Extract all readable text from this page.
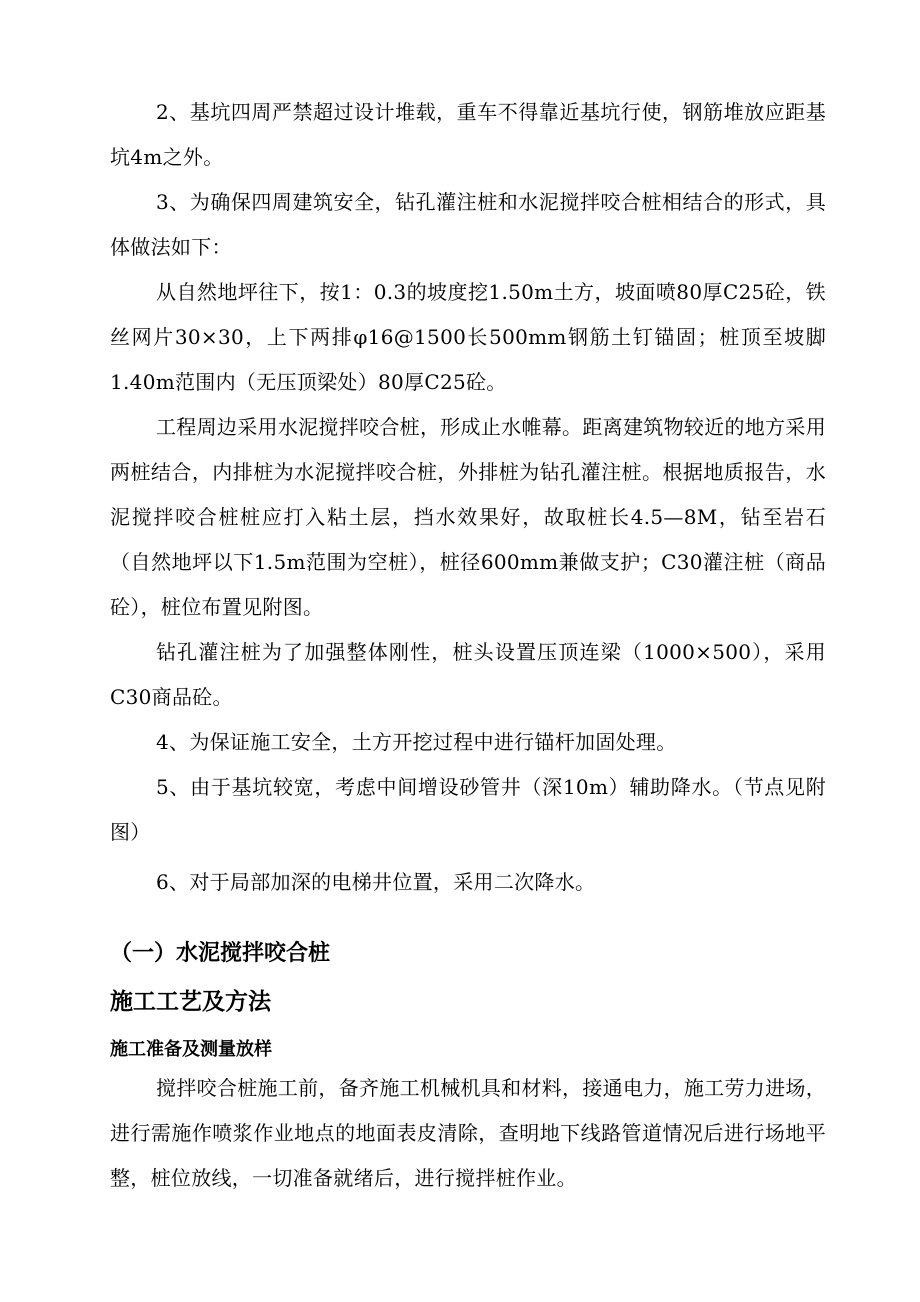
2、基坑四周严禁超过设计堆载，重车不得靠近基坑行使，钢筋堆放应距基坑4m之外。

3、为确保四周建筑安全，钻孔灌注桩和水泥搅拌咬合桩相结合的形式，具体做法如下：

从自然地坪往下，按1：0.3的坡度挖1.50m土方，坡面喷80厚C25砼，铁丝网片30×30，上下两排φ16@1500长500mm钢筋土钉锚固；桩顶至坡脚1.40m范围内（无压顶梁处）80厚C25砼。

工程周边采用水泥搅拌咬合桩，形成止水帷幕。距离建筑物较近的地方采用两桩结合，内排桩为水泥搅拌咬合桩，外排桩为钻孔灌注桩。根据地质报告，水泥搅拌咬合桩桩应打入粘土层，挡水效果好，故取桩长4.5—8M，钻至岩石（自然地坪以下1.5m范围为空桩），桩径600mm兼做支护；C30灌注桩（商品砼），桩位布置见附图。

钻孔灌注桩为了加强整体刚性，桩头设置压顶连梁（1000×500），采用C30商品砼。

4、为保证施工安全，土方开挖过程中进行锚杆加固处理。

5、由于基坑较宽，考虑中间增设砂管井（深10m）辅助降水。（节点见附图）

6、对于局部加深的电梯井位置，采用二次降水。

（一）水泥搅拌咬合桩
施工工艺及方法
施工准备及测量放样

搅拌咬合桩施工前，备齐施工机械机具和材料，接通电力，施工劳力进场，进行需施作喷浆作业地点的地面表皮清除，查明地下线路管道情况后进行场地平整，桩位放线，一切准备就绪后，进行搅拌桩作业。
